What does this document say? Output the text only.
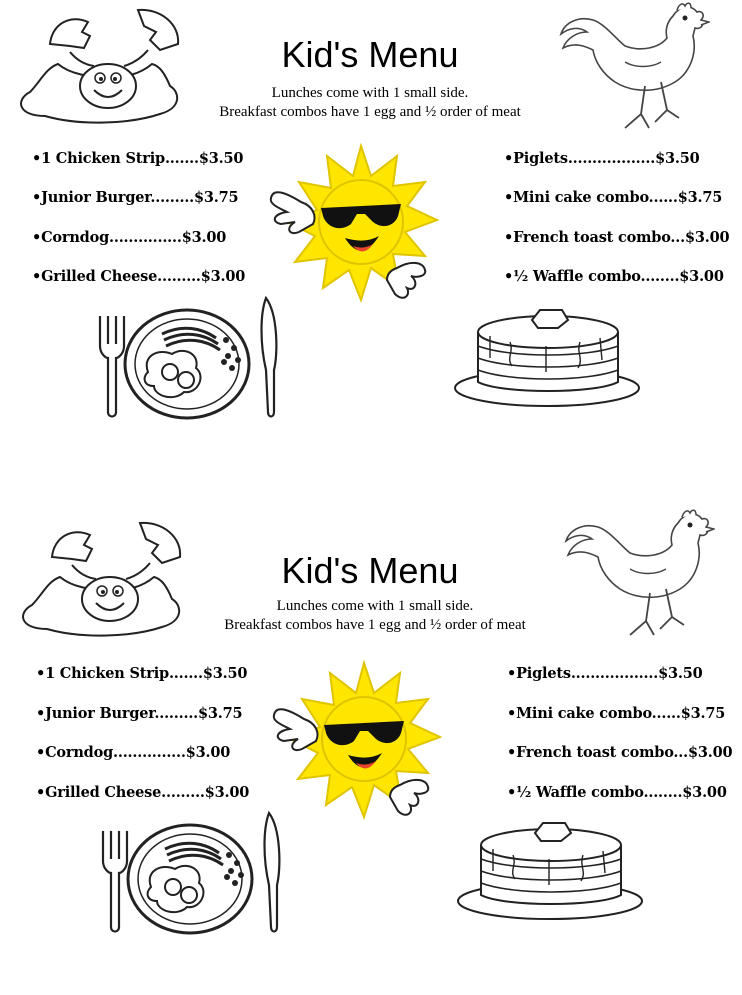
Kid's Menu
Lunches come with 1 small side.
Breakfast combos have 1 egg and ½ order of meat
•1 Chicken Strip.......$3.50
•Junior Burger.........$3.75
•Corndog...............$3.00
•Grilled Cheese.........$3.00
•Piglets..................$3.50
•Mini cake combo......$3.75
•French toast combo...$3.00
•½ Waffle combo........$3.00
Kid's Menu
Lunches come with 1 small side.
Breakfast combos have 1 egg and ½ order of meat
•1 Chicken Strip.......$3.50
•Junior Burger.........$3.75
•Corndog...............$3.00
•Grilled Cheese.........$3.00
•Piglets..................$3.50
•Mini cake combo......$3.75
•French toast combo...$3.00
•½ Waffle combo........$3.00
